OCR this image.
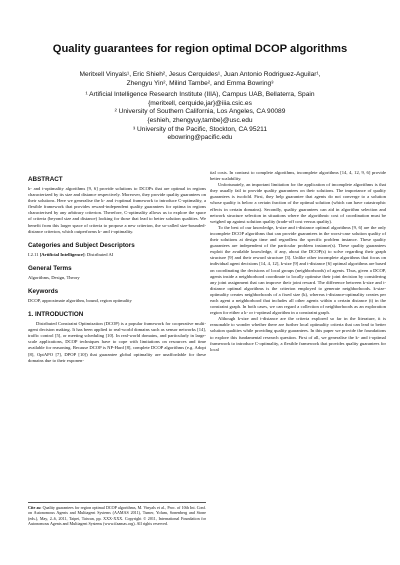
Quality guarantees for region optimal DCOP algorithms
Meritxell Vinyals¹, Eric Shieh², Jesus Cerquides¹, Juan Antonio Rodriguez-Aguilar¹,
Zhengyu Yin², Milind Tambe², and Emma Bowring³
¹ Artificial Intelligence Research Institute (IIIA), Campus UAB, Bellaterra, Spain
{meritxell, cerquide,jar}@iiia.csic.es
² University of Southern California, Los Angeles, CA 90089
{eshieh, zhengyuy,tambe}@usc.edu
³ University of the Pacific, Stockton, CA 95211
ebowring@pacific.edu
ABSTRACT
k- and t-optimality algorithms [9, 6] provide solutions to DCOPs that are optimal in regions characterized by its size and distance respectively. Moreover, they provide quality guarantees on their solutions. Here we generalise the k- and t-optimal framework to introduce C-optimality, a flexible framework that provides reward-independent quality guarantees for optima in regions characterised by any arbitrary criterion. Therefore, C-optimality allows us to explore the space of criteria (beyond size and distance) looking for those that lead to better solution qualities. We benefit from this larger space of criteria to propose a new criterion, the so-called size-bounded-distance criterion, which outperforms k- and t-optimality.
Categories and Subject Descriptors
I.2.11 [Artificial Intelligence]: Distributed AI
General Terms
Algorithms, Design, Theory
Keywords
DCOP, approximate algorithm, bound, region optimality
1. INTRODUCTION
Distributed Constraint Optimization (DCOP) is a popular framework for cooperative multi-agent decision making. It has been applied to real-world domains such as sensor networks [14], traffic control [5], or meeting scheduling [10]. In real-world domains, and particularly in large-scale applications, DCOP techniques have to cope with limitations on resources and time available for reasoning. Because DCOP is NP-Hard [8], complete DCOP algorithms (e.g. Adopt [8], OptAPO [7], DPOP [10]) that guarantee global optimality are unaffordable for these domains due to their exponen-
Cite as: Quality guarantees for region optimal DCOP algorithms, M. Vinyals et al., Proc. of 10th Int. Conf. on Autonomous Agents and Multiagent Systems (AAMAS 2011), Tumer, Yolum, Sonenberg and Stone (eds.), May, 2–6, 2011, Taipei, Taiwan, pp. XXX-XXX. Copyright © 2011, International Foundation for Autonomous Agents and Multiagent Systems (www.ifaamas.org). All rights reserved.
tial costs. In contrast to complete algorithms, incomplete algorithms [14, 4, 12, 9, 6] provide better scalability.
Unfortunately, an important limitation for the application of incomplete algorithms is that they usually fail to provide quality guarantees on their solutions. The importance of quality guarantees is twofold. First, they help guarantee that agents do not converge to a solution whose quality is below a certain fraction of the optimal solution (which can have catastrophic effects in certain domains). Secondly, quality guarantees can aid in algorithm selection and network structure selection in situations where the algorithmic cost of coordination must be weighed up against solution quality (trade-off cost versus quality).
To the best of our knowledge, k-size and t-distance optimal algorithms [9, 6] are the only incomplete DCOP algorithms that can provide guarantees in the worst-case solution quality of their solutions at design time and regardless the specific problem instance. These quality guarantees are independent of the particular problem instance(s). These quality guarantees exploit the available knowledge, if any, about the DCOP(s) to solve regarding their graph structure [9] and their reward structure [3]. Unlike other incomplete algorithms that focus on individual agent decisions [14, 4, 12], k-size [9] and t-distance [6] optimal algorithms are based on coordinating the decisions of local groups (neighborhoods) of agents. Thus, given a DCOP, agents inside a neighborhood coordinate to locally optimise their joint decision by considering any joint assignment that can improve their joint reward. The difference between k-size and t-distance optimal algorithms is the criterion employed to generate neighborhoods. k-size-optimality creates neighborhoods of a fixed size (k), whereas t-distance-optimality creates per each agent a neighborhood that includes all other agents within a certain distance (t) in the constraint graph. In both cases, we can regard a collection of neighborhoods as an exploration region for either a k- or t-optimal algorithm in a constraint graph.
Although k-size and t-distance are the criteria explored so far in the literature, it is reasonable to wonder whether there are further local optimality criteria that can lead to better solution qualities while providing quality guarantees. In this paper we provide the foundations to explore this fundamental research question. First of all, we generalise the k- and t-optimal framework to introduce C-optimality, a flexible framework that provides quality guarantees for local
